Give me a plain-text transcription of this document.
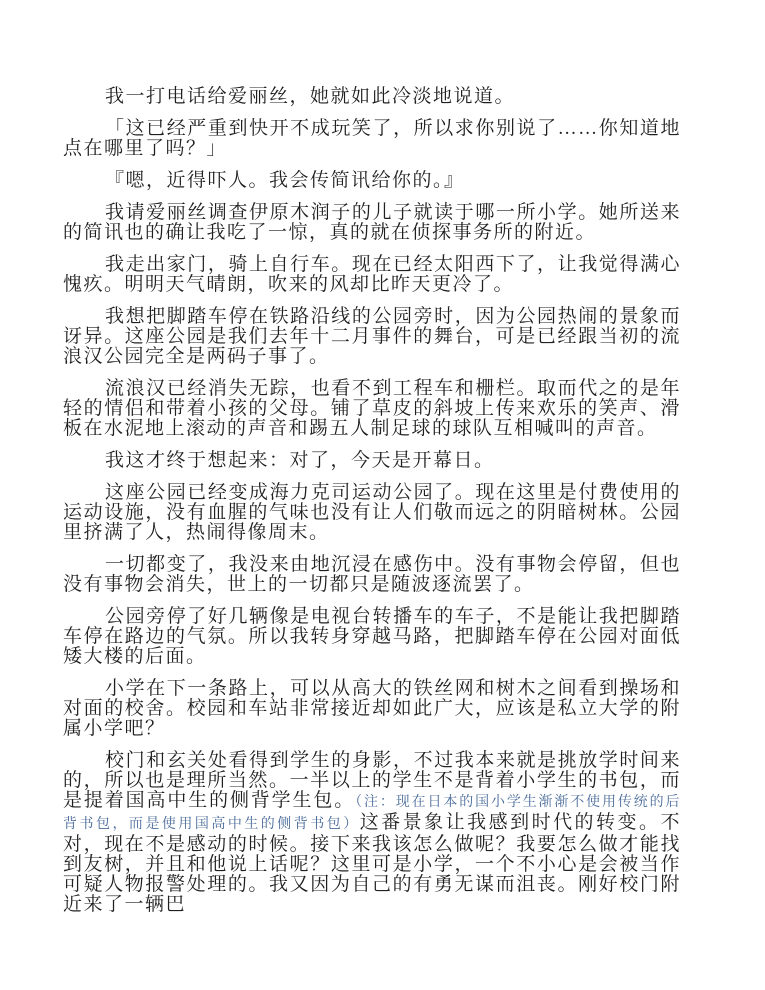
我一打电话给爱丽丝，她就如此冷淡地说道。

「这已经严重到快开不成玩笑了，所以求你别说了……你知道地点在哪里了吗？」

『嗯，近得吓人。我会传简讯给你的。』

我请爱丽丝调查伊原木润子的儿子就读于哪一所小学。她所送来的简讯也的确让我吃了一惊，真的就在侦探事务所的附近。

我走出家门，骑上自行车。现在已经太阳西下了，让我觉得满心愧疚。明明天气晴朗，吹来的风却比昨天更冷了。

我想把脚踏车停在铁路沿线的公园旁时，因为公园热闹的景象而讶异。这座公园是我们去年十二月事件的舞台，可是已经跟当初的流浪汉公园完全是两码子事了。

流浪汉已经消失无踪，也看不到工程车和栅栏。取而代之的是年轻的情侣和带着小孩的父母。铺了草皮的斜坡上传来欢乐的笑声、滑板在水泥地上滚动的声音和踢五人制足球的球队互相喊叫的声音。

我这才终于想起来：对了，今天是开幕日。

这座公园已经变成海力克司运动公园了。现在这里是付费使用的运动设施，没有血腥的气味也没有让人们敬而远之的阴暗树林。公园里挤满了人，热闹得像周末。

一切都变了，我没来由地沉浸在感伤中。没有事物会停留，但也没有事物会消失，世上的一切都只是随波逐流罢了。

公园旁停了好几辆像是电视台转播车的车子，不是能让我把脚踏车停在路边的气氛。所以我转身穿越马路，把脚踏车停在公园对面低矮大楼的后面。

小学在下一条路上，可以从高大的铁丝网和树木之间看到操场和对面的校舍。校园和车站非常接近却如此广大，应该是私立大学的附属小学吧？

校门和玄关处看得到学生的身影，不过我本来就是挑放学时间来的，所以也是理所当然。一半以上的学生不是背着小学生的书包，而是提着国高中生的侧背学生包。（注：现在日本的国小学生渐渐不使用传统的后背书包，而是使用国高中生的侧背书包）这番景象让我感到时代的转变。不对，现在不是感动的时候。接下来我该怎么做呢？我要怎么做才能找到友树，并且和他说上话呢？这里可是小学，一个不小心是会被当作可疑人物报警处理的。我又因为自己的有勇无谋而沮丧。刚好校门附近来了一辆巴
